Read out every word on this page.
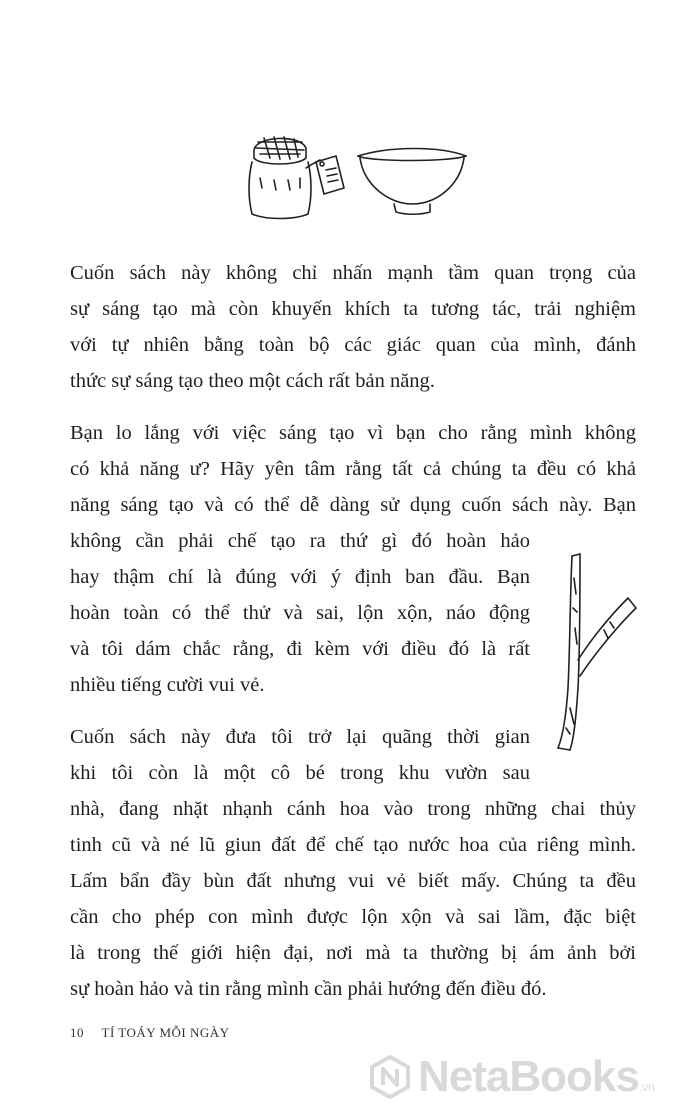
Cuốn sách này không chỉ nhấn mạnh tầm quan trọng của
sự sáng tạo mà còn khuyến khích ta tương tác, trải nghiệm
với tự nhiên bằng toàn bộ các giác quan của mình, đánh
thức sự sáng tạo theo một cách rất bản năng.

Bạn lo lắng với việc sáng tạo vì bạn cho rằng mình không
có khả năng ư? Hãy yên tâm rằng tất cả chúng ta đều có khả
năng sáng tạo và có thể dễ dàng sử dụng cuốn sách này. Bạn
không cần phải chế tạo ra thứ gì đó hoàn hảo
hay thậm chí là đúng với ý định ban đầu. Bạn
hoàn toàn có thể thử và sai, lộn xộn, náo động
và tôi dám chắc rằng, đi kèm với điều đó là rất
nhiều tiếng cười vui vẻ.

Cuốn sách này đưa tôi trở lại quãng thời gian
khi tôi còn là một cô bé trong khu vườn sau
nhà, đang nhặt nhạnh cánh hoa vào trong những chai thủy
tinh cũ và né lũ giun đất để chế tạo nước hoa của riêng mình.
Lấm bẩn đầy bùn đất nhưng vui vẻ biết mấy. Chúng ta đều
cần cho phép con mình được lộn xộn và sai lầm, đặc biệt
là trong thế giới hiện đại, nơi mà ta thường bị ám ảnh bởi
sự hoàn hảo và tin rằng mình cần phải hướng đến điều đó.

10 TÍ TOÁY MỖI NGÀY
NetaBooks .vn
